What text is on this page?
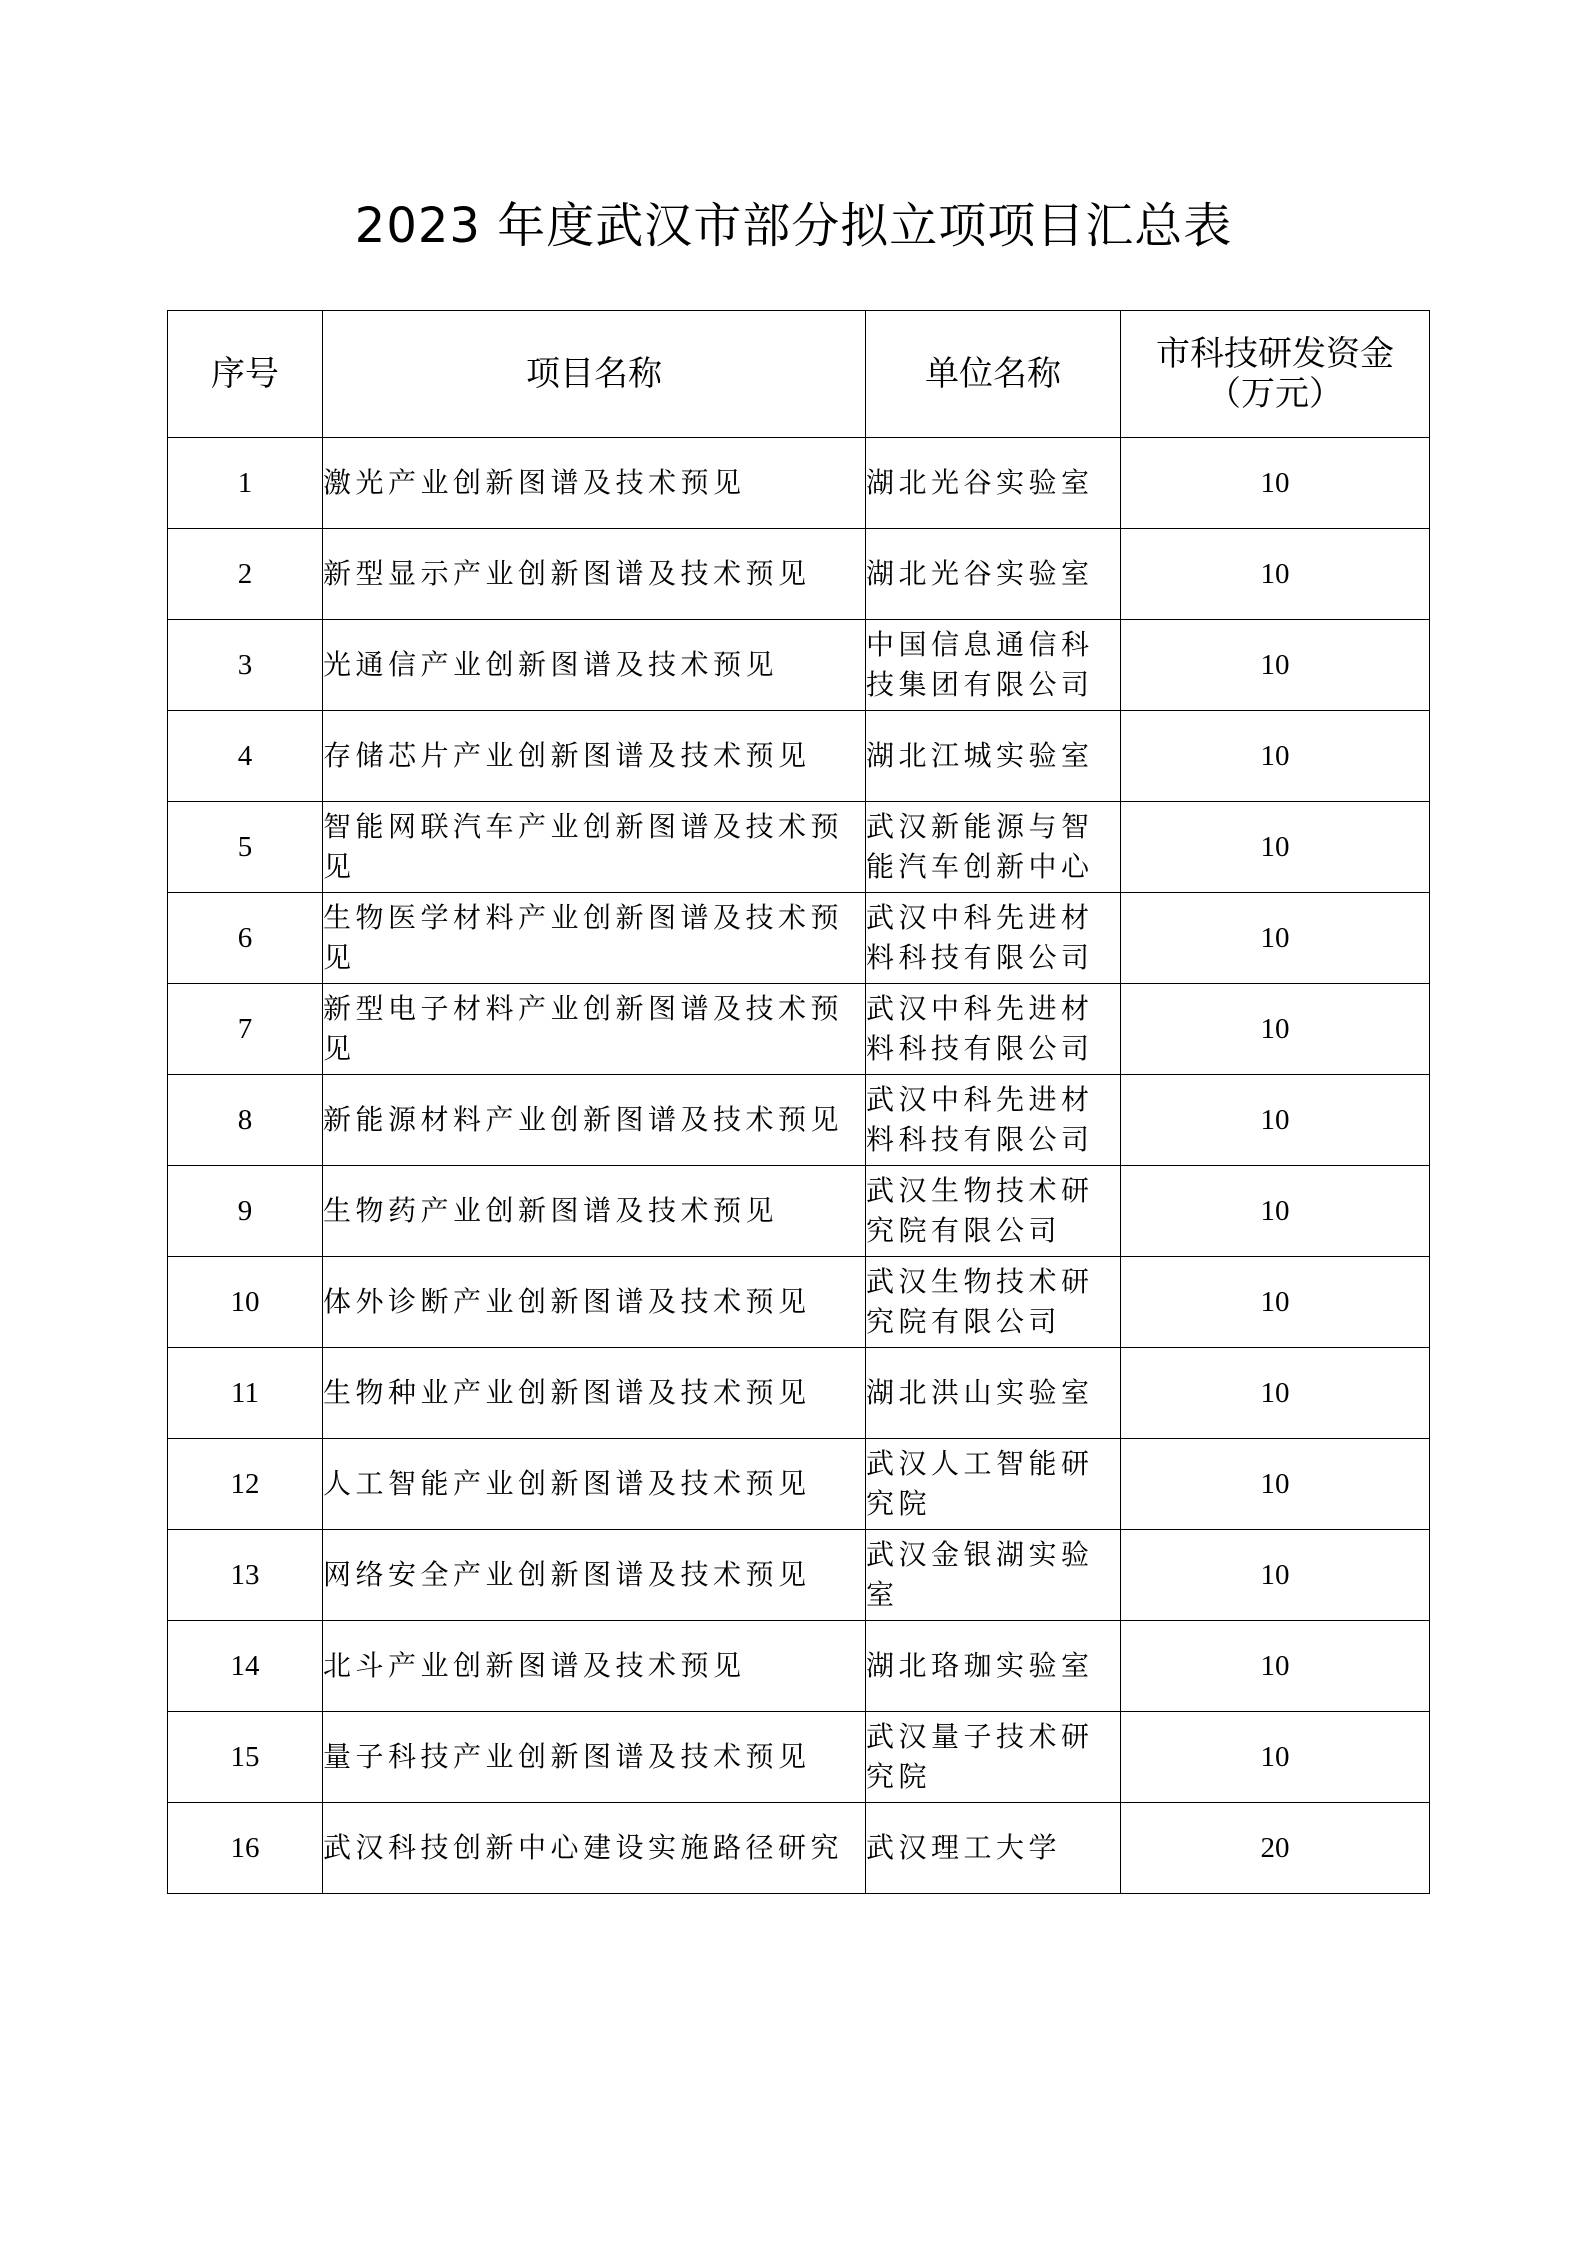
2023 年度武汉市部分拟立项项目汇总表
序号	项目名称	单位名称	市科技研发资金
（万元）

1	激光产业创新图谱及技术预见	湖北光谷实验室	10
2	新型显示产业创新图谱及技术预见	湖北光谷实验室	10
3	光通信产业创新图谱及技术预见	中国信息通信科技集团有限公司	10
4	存储芯片产业创新图谱及技术预见	湖北江城实验室	10
5	智能网联汽车产业创新图谱及技术预见	武汉新能源与智能汽车创新中心	10
6	生物医学材料产业创新图谱及技术预见	武汉中科先进材料科技有限公司	10
7	新型电子材料产业创新图谱及技术预见	武汉中科先进材料科技有限公司	10
8	新能源材料产业创新图谱及技术预见	武汉中科先进材料科技有限公司	10
9	生物药产业创新图谱及技术预见	武汉生物技术研究院有限公司	10
10	体外诊断产业创新图谱及技术预见	武汉生物技术研究院有限公司	10
11	生物种业产业创新图谱及技术预见	湖北洪山实验室	10
12	人工智能产业创新图谱及技术预见	武汉人工智能研究院	10
13	网络安全产业创新图谱及技术预见	武汉金银湖实验室	10
14	北斗产业创新图谱及技术预见	湖北珞珈实验室	10
15	量子科技产业创新图谱及技术预见	武汉量子技术研究院	10
16	武汉科技创新中心建设实施路径研究	武汉理工大学	20
